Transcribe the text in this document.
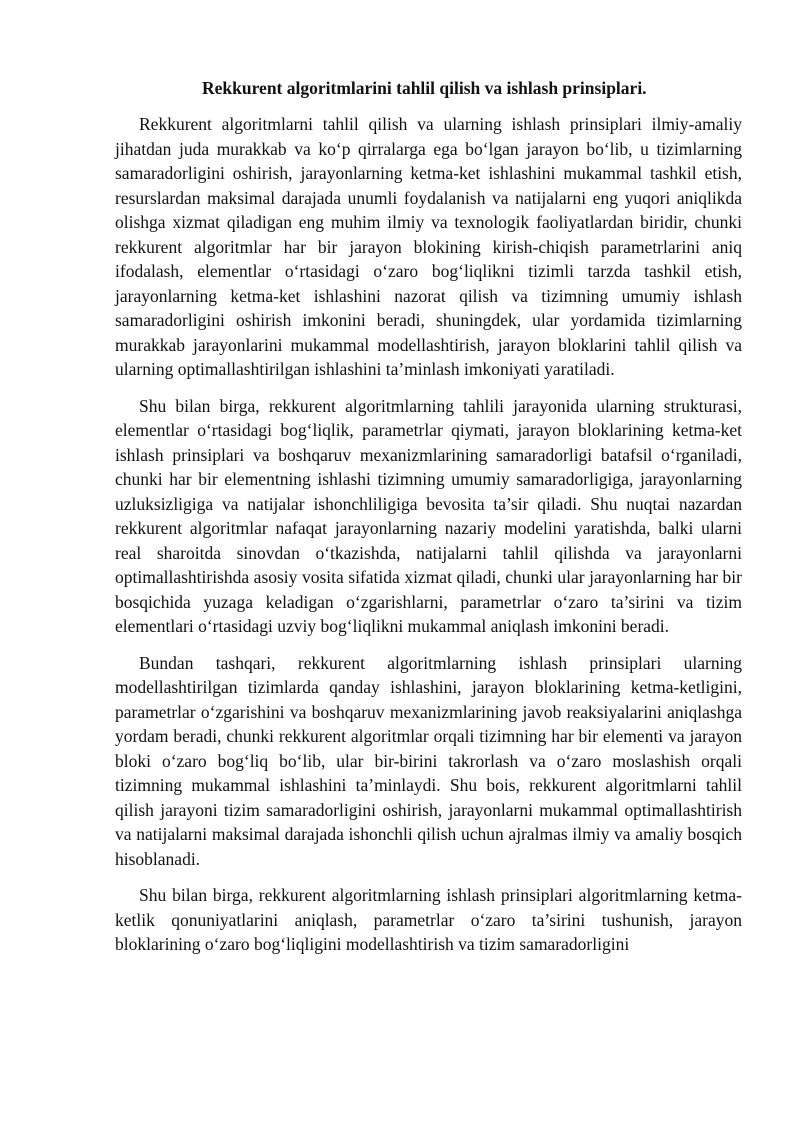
Rekkurent algoritmlarini tahlil qilish va ishlash prinsiplari.

Rekkurent algoritmlarni tahlil qilish va ularning ishlash prinsiplari ilmiy-amaliy jihatdan juda murakkab va ko‘p qirralarga ega bo‘lgan jarayon bo‘lib, u tizimlarning samaradorligini oshirish, jarayonlarning ketma-ket ishlashini mukammal tashkil etish, resurslardan maksimal darajada unumli foydalanish va natijalarni eng yuqori aniqlikda olishga xizmat qiladigan eng muhim ilmiy va texnologik faoliyatlardan biridir, chunki rekkurent algoritmlar har bir jarayon blokining kirish-chiqish parametrlarini aniq ifodalash, elementlar o‘rtasidagi o‘zaro bog‘liqlikni tizimli tarzda tashkil etish, jarayonlarning ketma-ket ishlashini nazorat qilish va tizimning umumiy ishlash samaradorligini oshirish imkonini beradi, shuningdek, ular yordamida tizimlarning murakkab jarayonlarini mukammal modellashtirish, jarayon bloklarini tahlil qilish va ularning optimallashtirilgan ishlashini ta’minlash imkoniyati yaratiladi.

Shu bilan birga, rekkurent algoritmlarning tahlili jarayonida ularning strukturasi, elementlar o‘rtasidagi bog‘liqlik, parametrlar qiymati, jarayon bloklarining ketma-ket ishlash prinsiplari va boshqaruv mexanizmlarining samaradorligi batafsil o‘rganiladi, chunki har bir elementning ishlashi tizimning umumiy samaradorligiga, jarayonlarning uzluksizligiga va natijalar ishonchliligiga bevosita ta’sir qiladi. Shu nuqtai nazardan rekkurent algoritmlar nafaqat jarayonlarning nazariy modelini yaratishda, balki ularni real sharoitda sinovdan o‘tkazishda, natijalarni tahlil qilishda va jarayonlarni optimallashtirishda asosiy vosita sifatida xizmat qiladi, chunki ular jarayonlarning har bir bosqichida yuzaga keladigan o‘zgarishlarni, parametrlar o‘zaro ta’sirini va tizim elementlari o‘rtasidagi uzviy bog‘liqlikni mukammal aniqlash imkonini beradi.

Bundan tashqari, rekkurent algoritmlarning ishlash prinsiplari ularning modellashtirilgan tizimlarda qanday ishlashini, jarayon bloklarining ketma-ketligini, parametrlar o‘zgarishini va boshqaruv mexanizmlarining javob reaksiyalarini aniqlashga yordam beradi, chunki rekkurent algoritmlar orqali tizimning har bir elementi va jarayon bloki o‘zaro bog‘liq bo‘lib, ular bir-birini takrorlash va o‘zaro moslashish orqali tizimning mukammal ishlashini ta’minlaydi. Shu bois, rekkurent algoritmlarni tahlil qilish jarayoni tizim samaradorligini oshirish, jarayonlarni mukammal optimallashtirish va natijalarni maksimal darajada ishonchli qilish uchun ajralmas ilmiy va amaliy bosqich hisoblanadi.

Shu bilan birga, rekkurent algoritmlarning ishlash prinsiplari algoritmlarning ketma-ketlik qonuniyatlarini aniqlash, parametrlar o‘zaro ta’sirini tushunish, jarayon bloklarining o‘zaro bog‘liqligini modellashtirish va tizim samaradorligini
